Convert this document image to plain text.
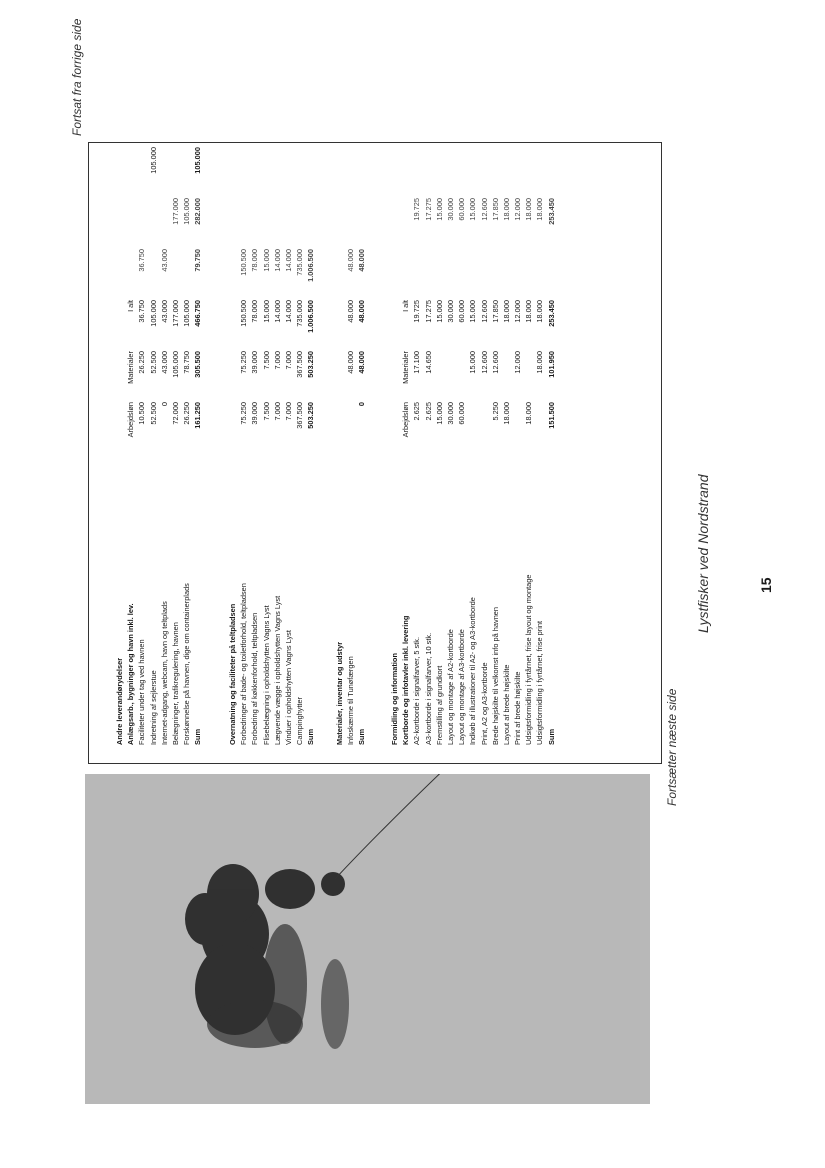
Fortsat fra forrige side
Fortsætter næste side
Lystfisker ved Nordstrand	15
Andre leverandørydelser Anlægsarb., bygninger og havn inkl. lev.
Arbejdsløn
Materialer
I alt
Faciliteter under tag ved havnen
10.500
26.250
36.750
36.750
Indretning af sejlerstue
52.500
52.500
105.000
105.000
Internet-adgang, webcam, havn og teltplads
0
43.000
43.000
43.000
Belægninger, trafikregulering, havnen
72.000
105.000
177.000
177.000
Forskønnelse på havnen, dige om containerplads
26.250
78.750
105.000
105.000
Sum
161.250
305.500
466.750
79.750
282.000
105.000
Overnatning og faciliteter på teltpladsen Forbedringer af bade- og toiletforhold, teltpladsen
75.250
75.250
150.500
150.500
Forbedring af køkkenforhold, teltpladsen
39.000
39.000
78.000
78.000
Flisebelægning i opholdshytten Vagns Lyst
7.500
7.500
15.000
15.000
Lægvende vægge i opholdshytten Vagns Lyst
7.000
7.000
14.000
14.000
Vinduer i opholdshytten Vagns Lyst
7.000
7.000
14.000
14.000
Campinghytter
367.500
367.500
735.000
735.000
Sum
503.250
503.250
1.006.500
1.006.500
Materialer, inventar og udstyr Infoskærme til Tunøfærgen
48.000
48.000
48.000
Sum
0
48.000
48.000
48.000
Formidling og information Kortborde og infotavler inkl. levering
Arbejdsløn
Materialer
I alt
A2-kortborde i signalfarver, 5 stk.
2.625
17.100
19.725
19.725
A3-kortborde i signalfarver, 10 stk.
2.625
14.650
17.275
17.275
Fremstilling af grundkort
15.000
15.000
15.000
Layout og montage af A2-kortborde
30.000
30.000
30.000
Layout og montage af A3-kortborde
60.000
60.000
60.000
Indkøb af illustrationer til A2- og A3-kortborde
15.000
15.000
15.000
Print, A2 og A3-kortborde
12.600
12.600
12.600
Brede højskilte til velkomst info på havnen
5.250
12.600
17.850
17.850
Layout af brede højskilte
18.000
18.000
18.000
Print af brede højskilte
12.000
12.000
12.000
Udsigtsformidling i fyrtårnet, frise layout og montage
18.000
18.000
18.000
Udsigtsformidling i fyrtårnet, frise print
18.000
18.000
18.000
Sum
151.500
101.950
253.450
253.450
